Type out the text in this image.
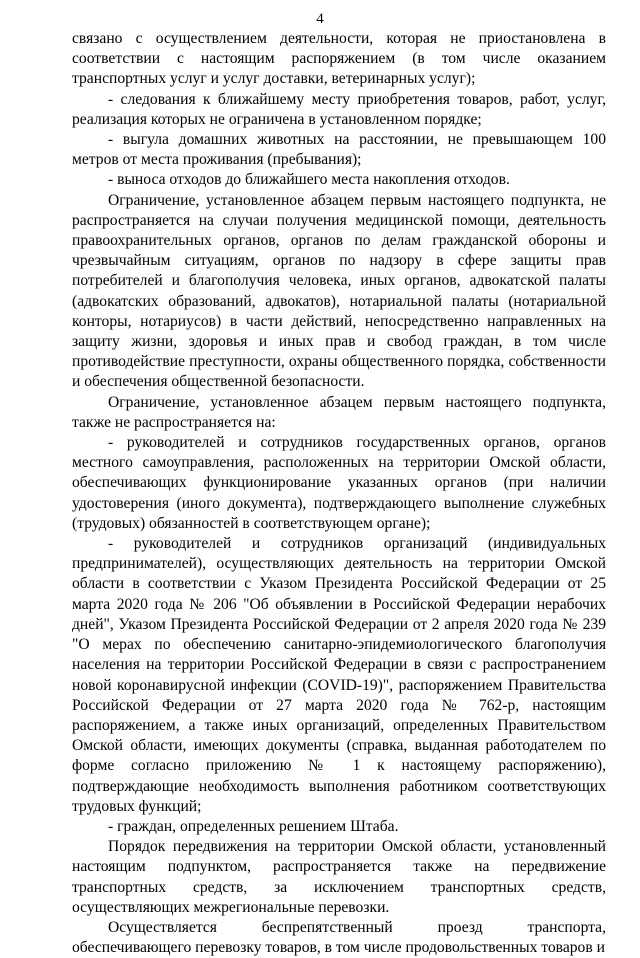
4

связано с осуществлением деятельности, которая не приостановлена в соответствии с настоящим распоряжением (в том числе оказанием транспортных услуг и услуг доставки, ветеринарных услуг);

- следования к ближайшему месту приобретения товаров, работ, услуг, реализация которых не ограничена в установленном порядке;

- выгула домашних животных на расстоянии, не превышающем 100 метров от места проживания (пребывания);

- выноса отходов до ближайшего места накопления отходов.

Ограничение, установленное абзацем первым настоящего подпункта, не распространяется на случаи получения медицинской помощи, деятельность правоохранительных органов, органов по делам гражданской обороны и чрезвычайным ситуациям, органов по надзору в сфере защиты прав потребителей и благополучия человека, иных органов, адвокатской палаты (адвокатских образований, адвокатов), нотариальной палаты (нотариальной конторы, нотариусов) в части действий, непосредственно направленных на защиту жизни, здоровья и иных прав и свобод граждан, в том числе противодействие преступности, охраны общественного порядка, собственности и обеспечения общественной безопасности.

Ограничение, установленное абзацем первым настоящего подпункта, также не распространяется на:

- руководителей и сотрудников государственных органов, органов местного самоуправления, расположенных на территории Омской области, обеспечивающих функционирование указанных органов (при наличии удостоверения (иного документа), подтверждающего выполнение служебных (трудовых) обязанностей в соответствующем органе);

- руководителей и сотрудников организаций (индивидуальных предпринимателей), осуществляющих деятельность на территории Омской области в соответствии с Указом Президента Российской Федерации от 25 марта 2020 года № 206 "Об объявлении в Российской Федерации нерабочих дней", Указом Президента Российской Федерации от 2 апреля 2020 года № 239 "О мерах по обеспечению санитарно-эпидемиологического благополучия населения на территории Российской Федерации в связи с распространением новой коронавирусной инфекции (COVID-19)", распоряжением Правительства Российской Федерации от 27 марта 2020 года № 762-р, настоящим распоряжением, а также иных организаций, определенных Правительством Омской области, имеющих документы (справка, выданная работодателем по форме согласно приложению № 1 к настоящему распоряжению), подтверждающие необходимость выполнения работником соответствующих трудовых функций;

- граждан, определенных решением Штаба.

Порядок передвижения на территории Омской области, установленный настоящим подпунктом, распространяется также на передвижение транспортных средств, за исключением транспортных средств, осуществляющих межрегиональные перевозки.

Осуществляется беспрепятственный проезд транспорта, обеспечивающего перевозку товаров, в том числе продовольственных товаров и
